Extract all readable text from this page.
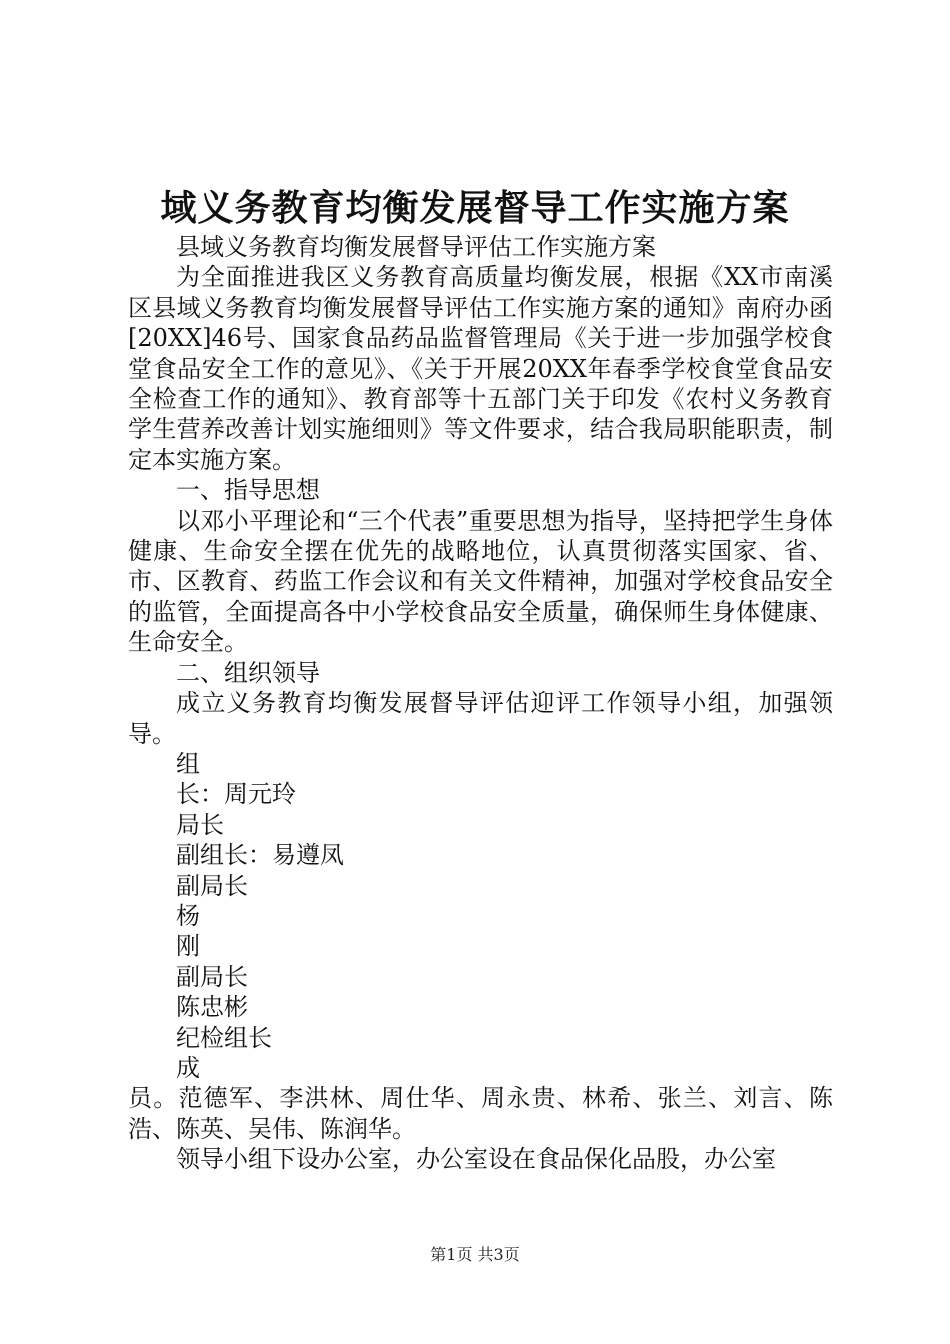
域义务教育均衡发展督导工作实施方案

县域义务教育均衡发展督导评估工作实施方案

为全面推进我区义务教育高质量均衡发展，根据《XX市南溪区县域义务教育均衡发展督导评估工作实施方案的通知》南府办函[20XX]46号、国家食品药品监督管理局《关于进一步加强学校食堂食品安全工作的意见》、《关于开展20XX年春季学校食堂食品安全检查工作的通知》、教育部等十五部门关于印发《农村义务教育学生营养改善计划实施细则》等文件要求，结合我局职能职责，制定本实施方案。

一、指导思想

以邓小平理论和“三个代表”重要思想为指导，坚持把学生身体健康、生命安全摆在优先的战略地位，认真贯彻落实国家、省、市、区教育、药监工作会议和有关文件精神，加强对学校食品安全的监管，全面提高各中小学校食品安全质量，确保师生身体健康、生命安全。

二、组织领导

成立义务教育均衡发展督导评估迎评工作领导小组，加强领导。

组

长：周元玲

局长

副组长：易遵凤

副局长

杨

刚

副局长

陈忠彬

纪检组长

成

员。范德军、李洪林、周仕华、周永贵、林希、张兰、刘言、陈浩、陈英、吴伟、陈润华。

领导小组下设办公室，办公室设在食品保化品股，办公室

第1页 共3页
